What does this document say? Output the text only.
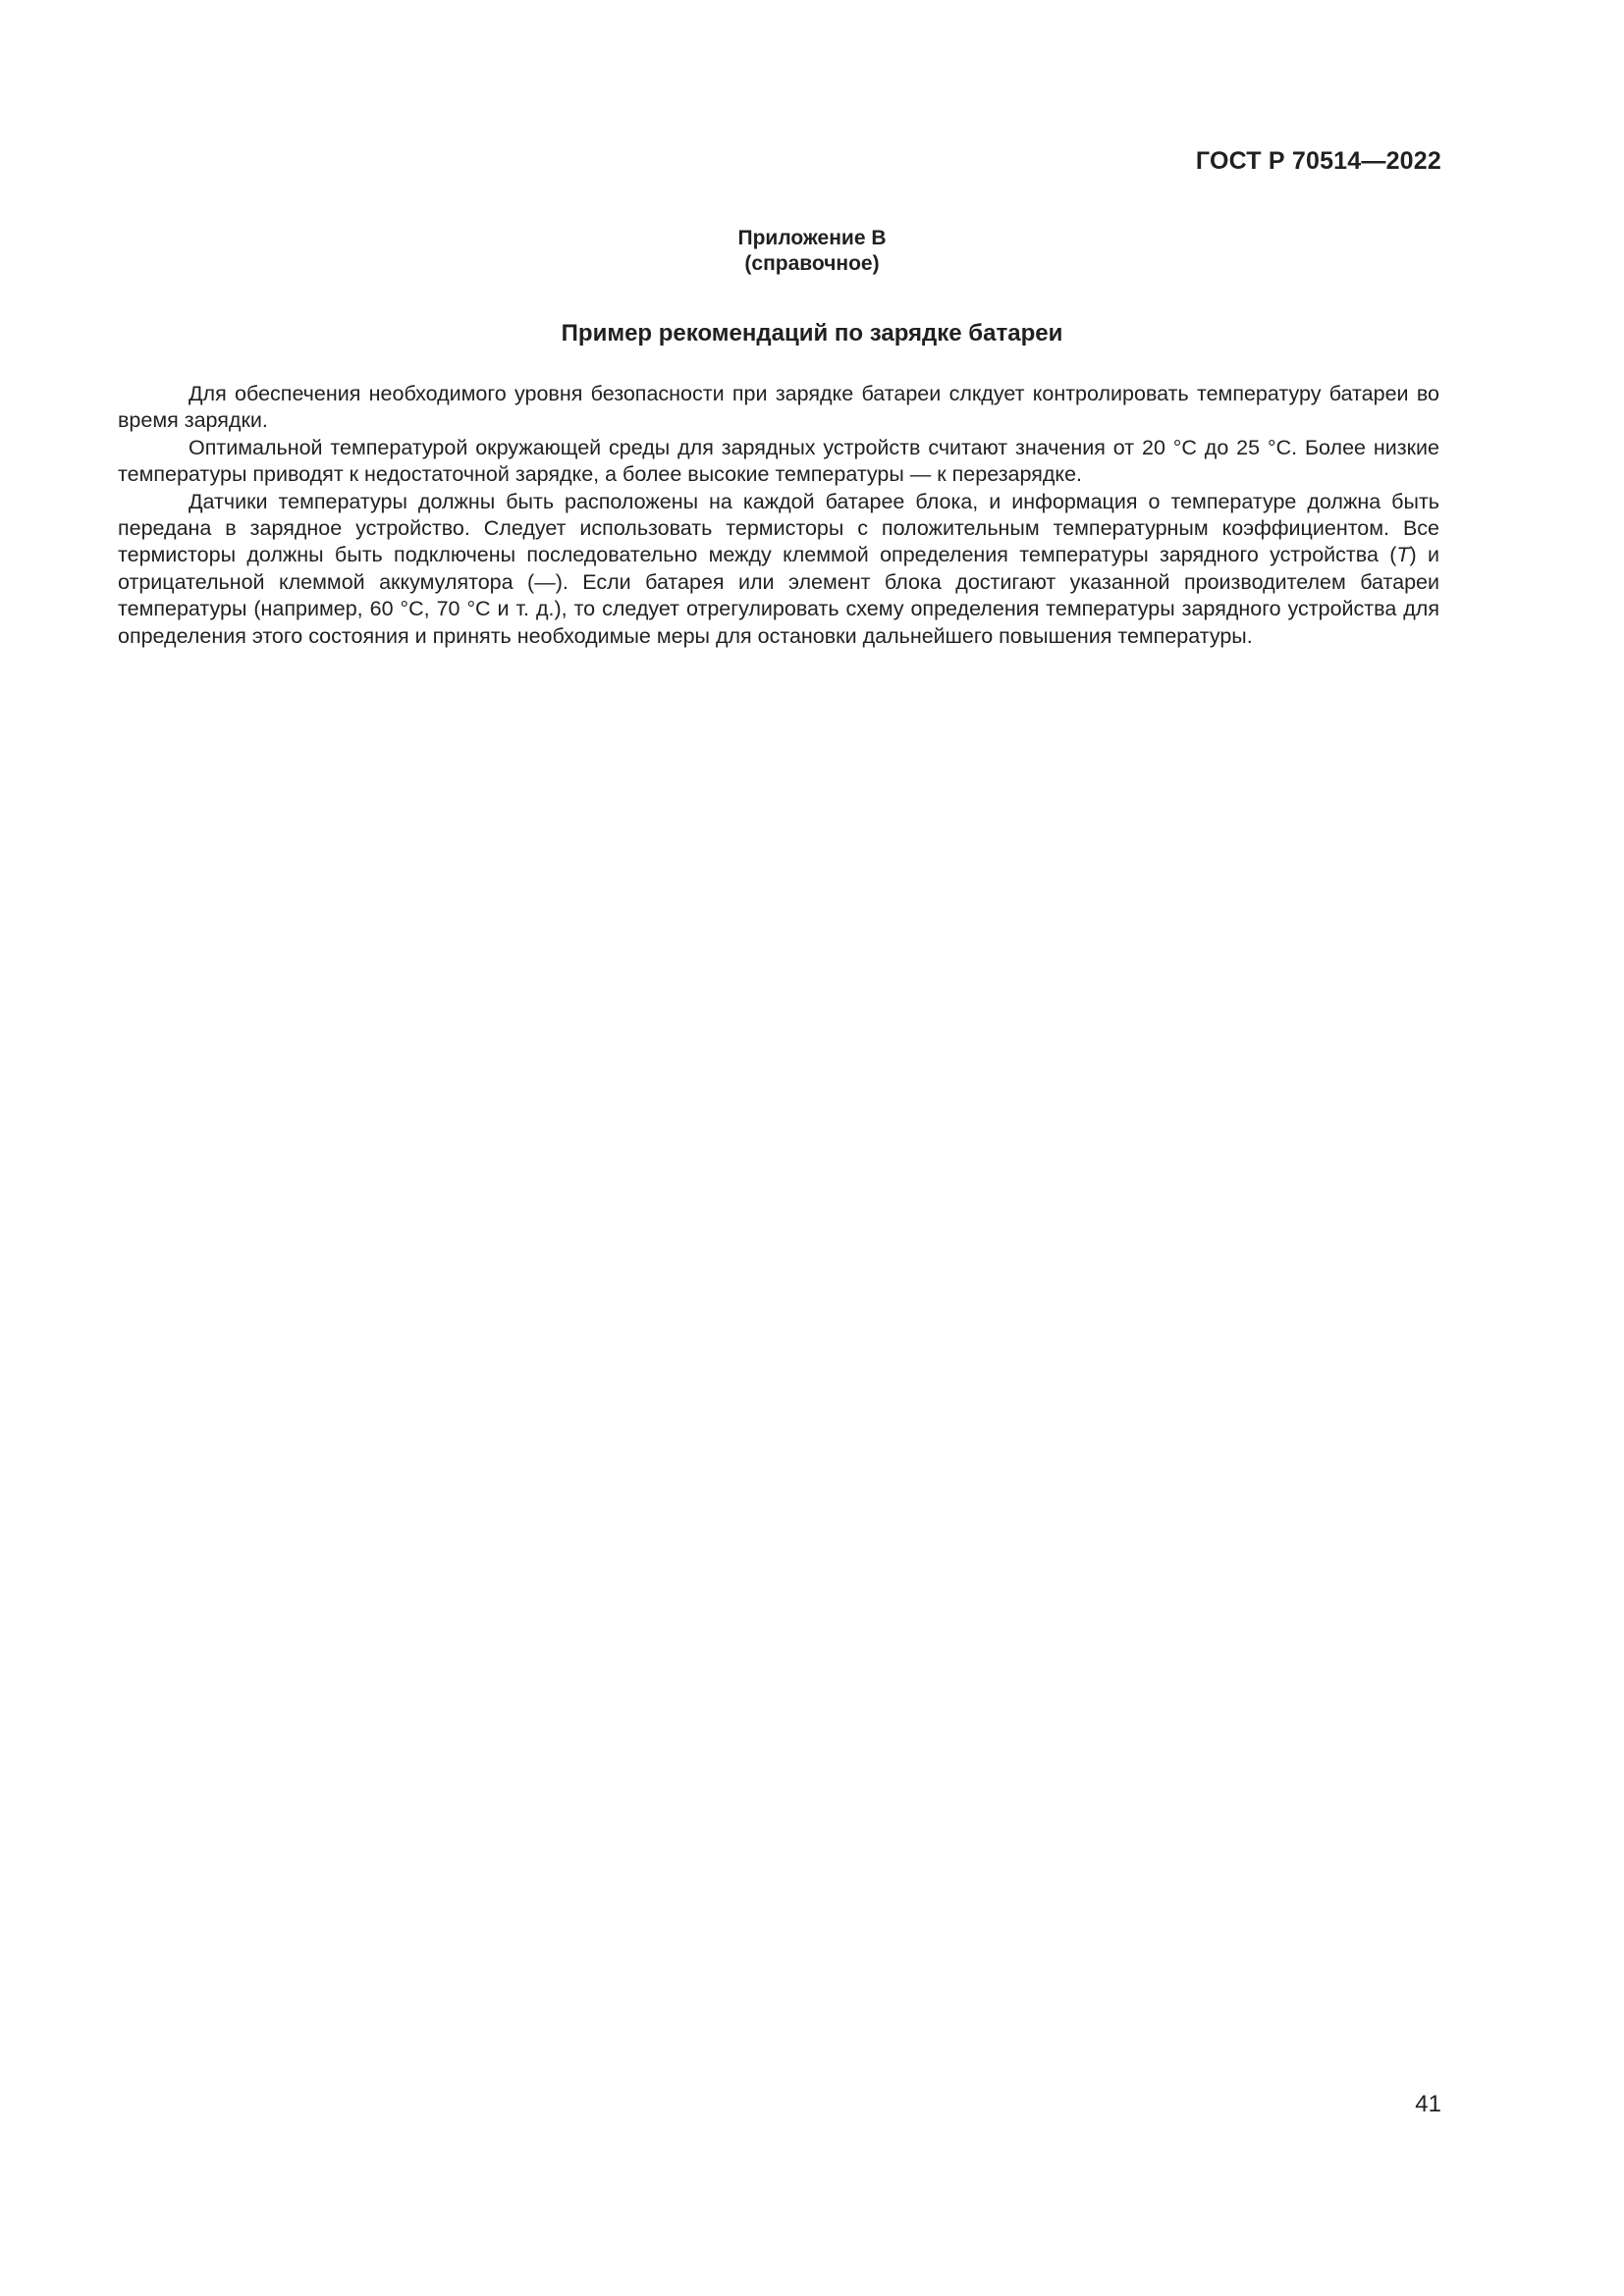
ГОСТ Р 70514—2022
Приложение В
(справочное)
Пример рекомендаций по зарядке батареи

Для обеспечения необходимого уровня безопасности при зарядке батареи слкдует контролировать температуру батареи во время зарядки.

Оптимальной температурой окружающей среды для зарядных устройств считают значения от 20 °С до 25 °С. Более низкие температуры приводят к недостаточной зарядке, а более высокие температуры — к перезарядке.

Датчики температуры должны быть расположены на каждой батарее блока, и информация о температуре должна быть передана в зарядное устройство. Следует использовать термисторы с положительным температурным коэффициентом. Все термисторы должны быть подключены последовательно между клеммой определения температуры зарядного устройства (T) и отрицательной клеммой аккумулятора (—). Если батарея или элемент блока достигают указанной производителем батареи температуры (например, 60 °С, 70 °С и т. д.), то следует отрегулировать схему определения температуры зарядного устройства для определения этого состояния и принять необходимые меры для остановки дальнейшего повышения температуры.

41
